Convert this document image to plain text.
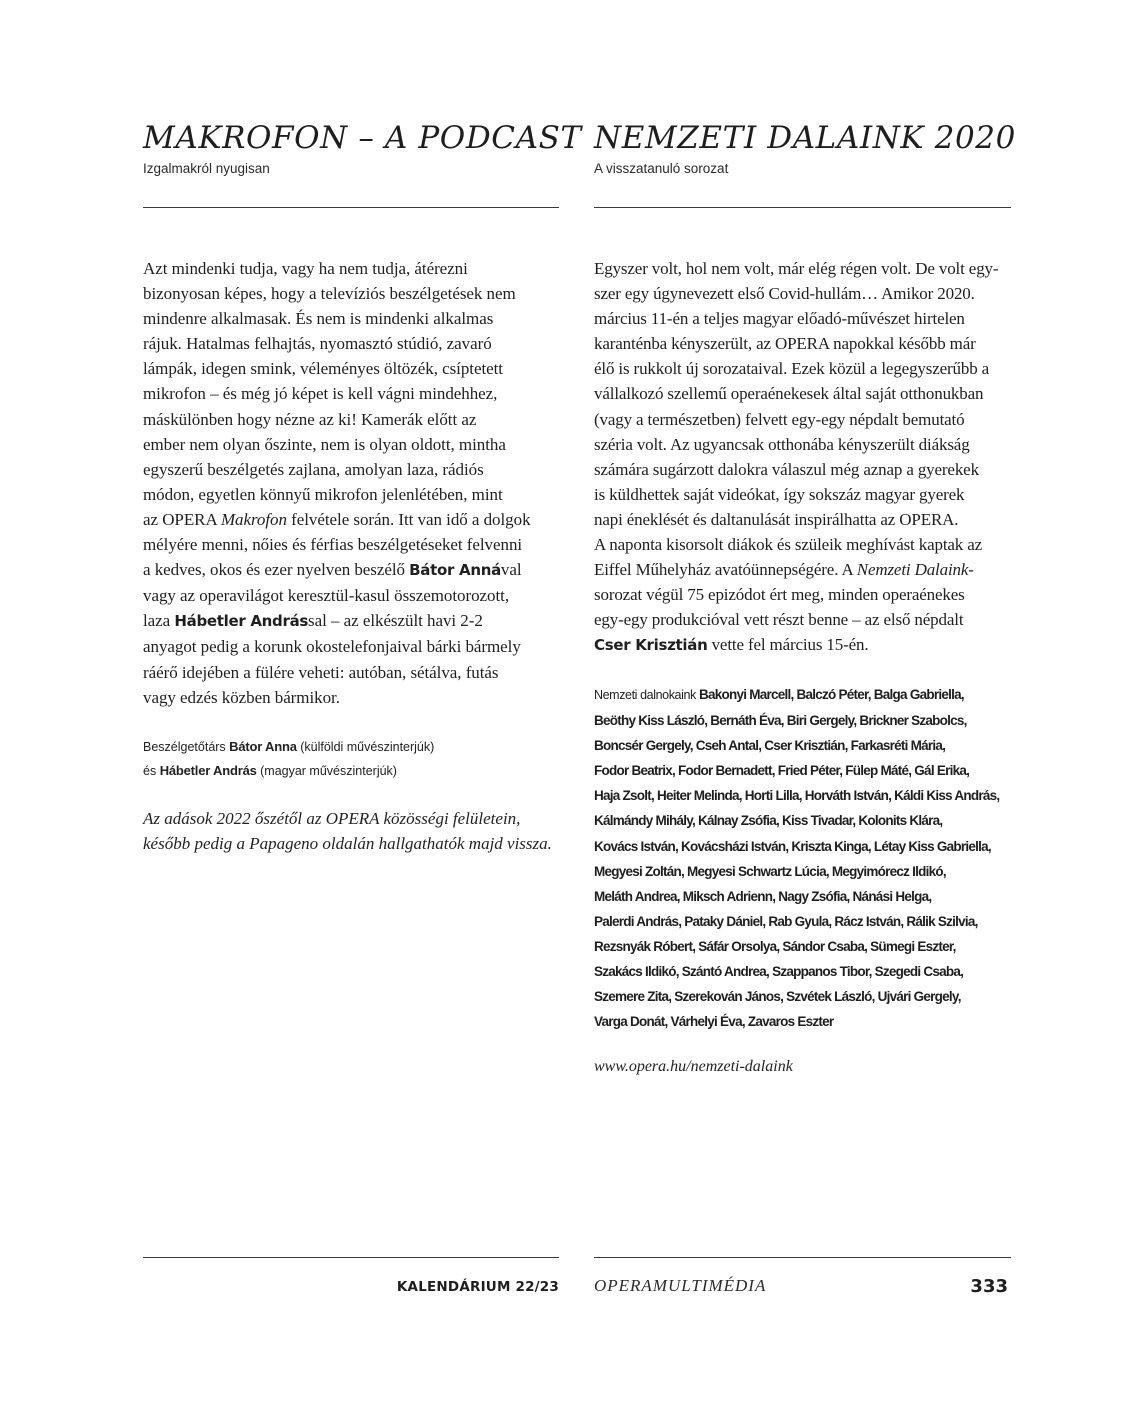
MAKROFON – A PODCAST

Izgalmakról nyugisan

Azt mindenki tudja, vagy ha nem tudja, átérezni
bizonyosan képes, hogy a televíziós beszélgetések nem
mindenre alkalmasak. És nem is mindenki alkalmas
rájuk. Hatalmas felhajtás, nyomasztó stúdió, zavaró
lámpák, idegen smink, véleményes öltözék, csíptetett
mikrofon – és még jó képet is kell vágni mindehhez,
máskülönben hogy nézne az ki! Kamerák előtt az
ember nem olyan őszinte, nem is olyan oldott, mintha
egyszerű beszélgetés zajlana, amolyan laza, rádiós
módon, egyetlen könnyű mikrofon jelenlétében, mint
az OPERA Makrofon felvétele során. Itt van idő a dolgok
mélyére menni, nőies és férfias beszélgetéseket felvenni
a kedves, okos és ezer nyelven beszélő Bátor Annával
vagy az operavilágot keresztül-kasul összemotorozott,
laza Hábetler Andrással – az elkészült havi 2-2
anyagot pedig a korunk okostelefonjaival bárki bármely
ráérő idejében a fülére veheti: autóban, sétálva, futás
vagy edzés közben bármikor.
Beszélgetőtárs Bátor Anna (külföldi művészinterjúk)
és Hábetler András (magyar művészinterjúk)
Az adások 2022 őszétől az OPERA közösségi felületein,
később pedig a Papageno oldalán hallgathatók majd vissza.
NEMZETI DALAINK 2020

A visszatanuló sorozat

Egyszer volt, hol nem volt, már elég régen volt. De volt egy-
szer egy úgynevezett első Covid-hullám… Amikor 2020.
március 11-én a teljes magyar előadó-művészet hirtelen
karanténba kényszerült, az OPERA napokkal később már
élő is rukkolt új sorozataival. Ezek közül a legegyszerűbb a
vállalkozó szellemű operaénekesek által saját otthonukban
(vagy a természetben) felvett egy-egy népdalt bemutató
széria volt. Az ugyancsak otthonába kényszerült diákság
számára sugárzott dalokra válaszul még aznap a gyerekek
is küldhettek saját videókat, így sokszáz magyar gyerek
napi éneklését és daltanulását inspirálhatta az OPERA.
A naponta kisorsolt diákok és szüleik meghívást kaptak az
Eiffel Műhelyház avatóünnepségére. A Nemzeti Dalaink-
sorozat végül 75 epizódot ért meg, minden operaénekes
egy-egy produkcióval vett részt benne – az első népdalt
Cser Krisztián vette fel március 15-én.
Nemzeti dalnokaink Bakonyi Marcell, Balczó Péter, Balga Gabriella,
Beöthy Kiss László, Bernáth Éva, Biri Gergely, Brickner Szabolcs,
Boncsér Gergely, Cseh Antal, Cser Krisztián, Farkasréti Mária,
Fodor Beatrix, Fodor Bernadett, Fried Péter, Fülep Máté, Gál Erika,
Haja Zsolt, Heiter Melinda, Horti Lilla, Horváth István, Káldi Kiss András,
Kálmándy Mihály, Kálnay Zsófia, Kiss Tivadar, Kolonits Klára,
Kovács István, Kovácsházi István, Kriszta Kinga, Létay Kiss Gabriella,
Megyesi Zoltán, Megyesi Schwartz Lúcia, Megyimórecz Ildikó,
Meláth Andrea, Miksch Adrienn, Nagy Zsófia, Nánási Helga,
Palerdi András, Pataky Dániel, Rab Gyula, Rácz István, Rálik Szilvia,
Rezsnyák Róbert, Sáfár Orsolya, Sándor Csaba, Sümegi Eszter,
Szakács Ildikó, Szántó Andrea, Szappanos Tibor, Szegedi Csaba,
Szemere Zita, Szerekován János, Szvétek László, Ujvári Gergely,
Varga Donát, Várhelyi Éva, Zavaros Eszter

www.opera.hu/nemzeti-dalaink

KALENDÁRIUM 22/23 OPERAMULTIMÉDIA	333
